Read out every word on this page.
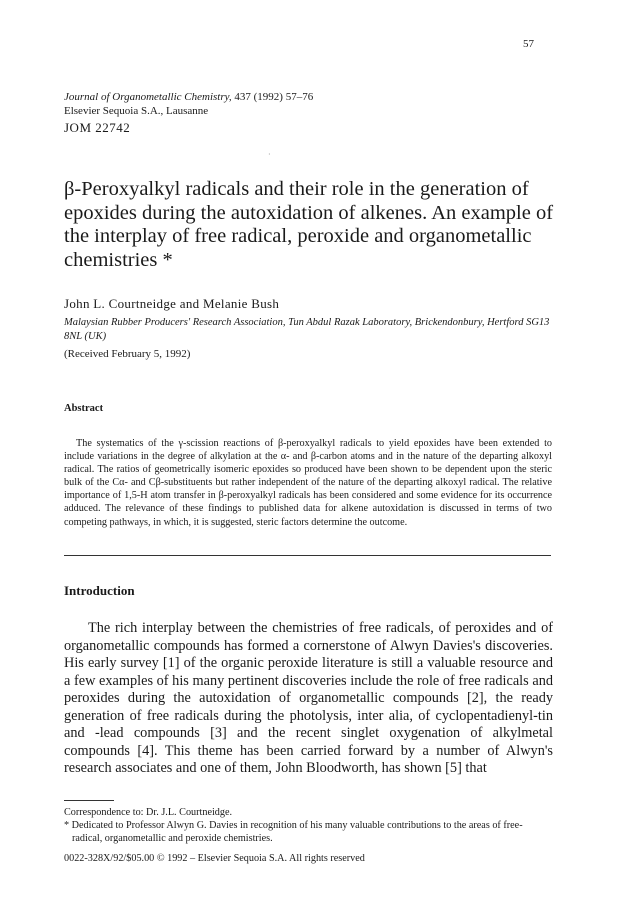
57
Journal of Organometallic Chemistry, 437 (1992) 57–76
Elsevier Sequoia S.A., Lausanne
JOM 22742
·
β-Peroxyalkyl radicals and their role in the generation of epoxides during the autoxidation of alkenes. An example of the interplay of free radical, peroxide and organometallic chemistries *
John L. Courtneidge and Melanie Bush
Malaysian Rubber Producers' Research Association, Tun Abdul Razak Laboratory, Brickendonbury, Hertford SG13 8NL (UK)
(Received February 5, 1992)
Abstract

The systematics of the γ-scission reactions of β-peroxyalkyl radicals to yield epoxides have been extended to include variations in the degree of alkylation at the α- and β-carbon atoms and in the nature of the departing alkoxyl radical. The ratios of geometrically isomeric epoxides so produced have been shown to be dependent upon the steric bulk of the Cα- and Cβ-substituents but rather independent of the nature of the departing alkoxyl radical. The relative importance of 1,5-H atom transfer in β-peroxyalkyl radicals has been considered and some evidence for its occurrence adduced. The relevance of these findings to published data for alkene autoxidation is discussed in terms of two competing pathways, in which, it is suggested, steric factors determine the outcome.

Introduction

The rich interplay between the chemistries of free radicals, of peroxides and of organometallic compounds has formed a cornerstone of Alwyn Davies's discoveries. His early survey [1] of the organic peroxide literature is still a valuable resource and a few examples of his many pertinent discoveries include the role of free radicals and peroxides during the autoxidation of organometallic compounds [2], the ready generation of free radicals during the photolysis, inter alia, of cyclopentadienyl-tin and -lead compounds [3] and the recent singlet oxygenation of alkylmetal compounds [4]. This theme has been carried forward by a number of Alwyn's research associates and one of them, John Bloodworth, has shown [5] that

Correspondence to: Dr. J.L. Courtneidge.

* Dedicated to Professor Alwyn G. Davies in recognition of his many valuable contributions to the areas of free-radical, organometallic and peroxide chemistries.

0022-328X/92/$05.00 © 1992 – Elsevier Sequoia S.A. All rights reserved
